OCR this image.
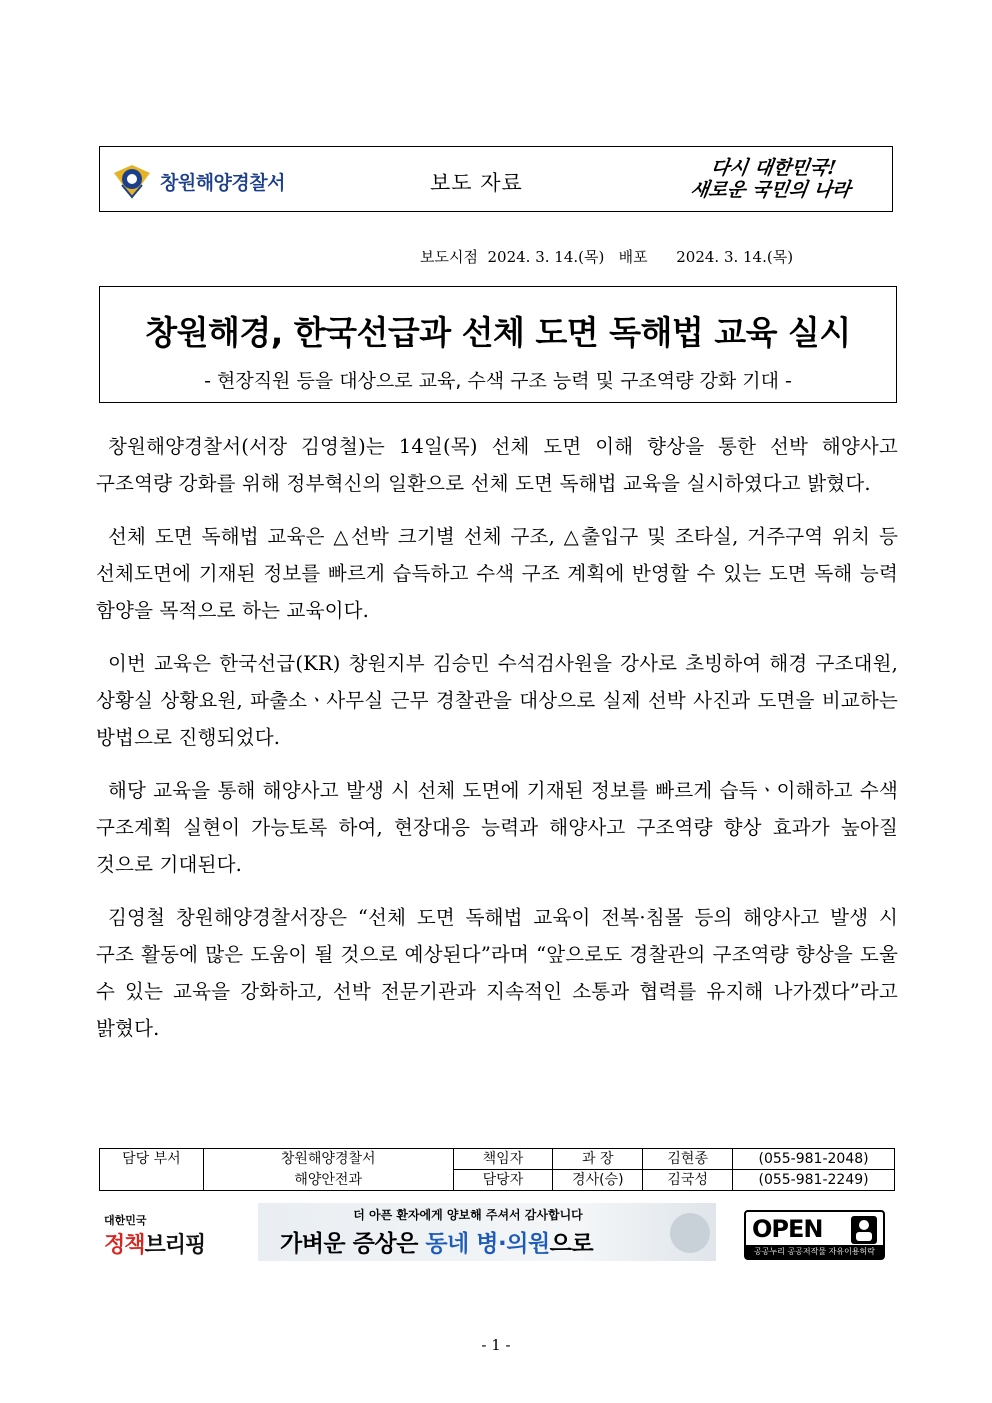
창원해양경찰서	보도 자료
다시 대한민국!
새로운 국민의 나라
보도시점  2024. 3. 14.(목)   배포      2024. 3. 14.(목)
창원해경, 한국선급과 선체 도면 독해법 교육 실시
- 현장직원 등을 대상으로 교육, 수색 구조 능력 및 구조역량 강화 기대 -

창원해양경찰서(서장 김영철)는 14일(목) 선체 도면 이해 향상을 통한 선박 해양사고 구조역량 강화를 위해 정부혁신의 일환으로 선체 도면 독해법 교육을 실시하였다고 밝혔다.

선체 도면 독해법 교육은 △선박 크기별 선체 구조, △출입구 및 조타실, 거주구역 위치 등 선체도면에 기재된 정보를 빠르게 습득하고 수색 구조 계획에 반영할 수 있는 도면 독해 능력 함양을 목적으로 하는 교육이다.

이번 교육은 한국선급(KR) 창원지부 김승민 수석검사원을 강사로 초빙하여 해경 구조대원, 상황실 상황요원, 파출소ㆍ사무실 근무 경찰관을 대상으로 실제 선박 사진과 도면을 비교하는 방법으로 진행되었다.

해당 교육을 통해 해양사고 발생 시 선체 도면에 기재된 정보를 빠르게 습득ㆍ이해하고 수색 구조계획 실현이 가능토록 하여, 현장대응 능력과 해양사고 구조역량 향상 효과가 높아질 것으로 기대된다.

김영철 창원해양경찰서장은 “선체 도면 독해법 교육이 전복·침몰 등의 해양사고 발생 시 구조 활동에 많은 도움이 될 것으로 예상된다”라며 “앞으로도 경찰관의 구조역량 향상을 도울 수 있는 교육을 강화하고, 선박 전문기관과 지속적인 소통과 협력를 유지해 나가겠다”라고 밝혔다.

담당 부서	창원해양경찰서	책임자	과 장	김현종	(055-981-2048)
	해양안전과	담당자	경사(승)	김국성	(055-981-2249)
대한민국
정책브리핑
더 아픈 환자에게 양보해 주셔서 감사합니다
가벼운 증상은 동네 병·의원으로
OPEN
공공누리 공공저작물 자유이용허락
- 1 -
